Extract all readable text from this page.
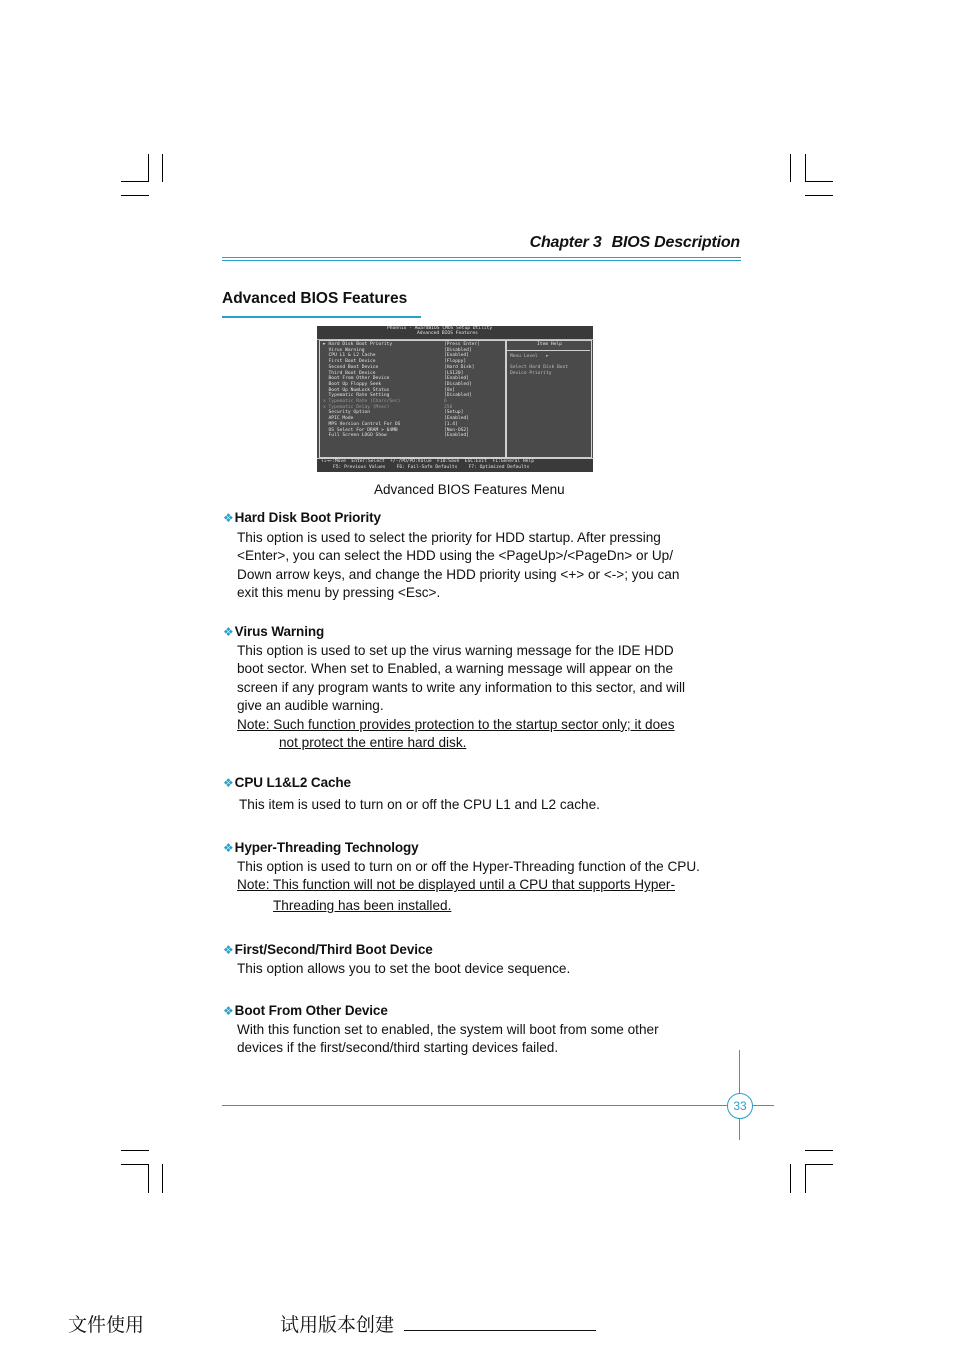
Chapter 3 BIOS Description
Advanced BIOS Features
Phoenix - AwardBIOS CMOS Setup Utility
Advanced BIOS Features
► Hard Disk Boot Priority	[Press Enter]
Virus Warning	[Disabled]
CPU L1 & L2 Cache	[Enabled]
First Boot Device	[Floppy]
Second Boot Device	[Hard Disk]
Third Boot Device	[LS120]
Boot From Other Device	[Enabled]
Boot Up Floppy Seek	[Disabled]
Boot Up NumLock Status	[On]
Typematic Rate Setting	[Disabled]
x Typematic Rate (Chars/Sec)	6
x Typematic Delay (Msec)	250
Security Option	[Setup]
APIC Mode	[Enabled]
MPS Version Control For OS	[1.4]
OS Select For DRAM > 64MB	[Non-OS2]
Full Screen LOGO Show	[Enabled]
Item Help
Menu Level   ►
Select Hard Disk Boot
Device Priority
↑↓→←:Move  Enter:Select  +/-/PU/PD:Value  F10:Save  ESC:Exit  F1:General Help
F5: Previous Values    F6: Fail-Safe Defaults    F7: Optimized Defaults
Advanced BIOS Features Menu
❖Hard Disk Boot Priority
This option is used to select the priority for HDD startup. After pressing
<Enter>, you can select the HDD using the <PageUp>/<PageDn> or Up/
Down arrow keys, and change the HDD priority using <+> or <->; you can
exit this menu by pressing <Esc>.
❖Virus Warning
This option is used to set up the virus warning message for the IDE HDD
boot sector. When set to Enabled, a warning message will appear on the
screen if any program wants to write any information to this sector, and will
give an audible warning.
Note: Such function provides protection to the startup sector only; it does
not protect the entire hard disk.
❖CPU L1&L2 Cache
This item is used to turn on or off the CPU L1 and L2 cache.
❖Hyper-Threading Technology
This option is used to turn on or off the Hyper-Threading function of the CPU.
Note: This function will not be displayed until a CPU that supports Hyper-
Threading has been installed.
❖First/Second/Third Boot Device
This option allows you to set the boot device sequence.
❖Boot From Other Device
With this function set to enabled, the system will boot from some other
devices if the first/second/third starting devices failed.
33
文件使用	试用版本创建
